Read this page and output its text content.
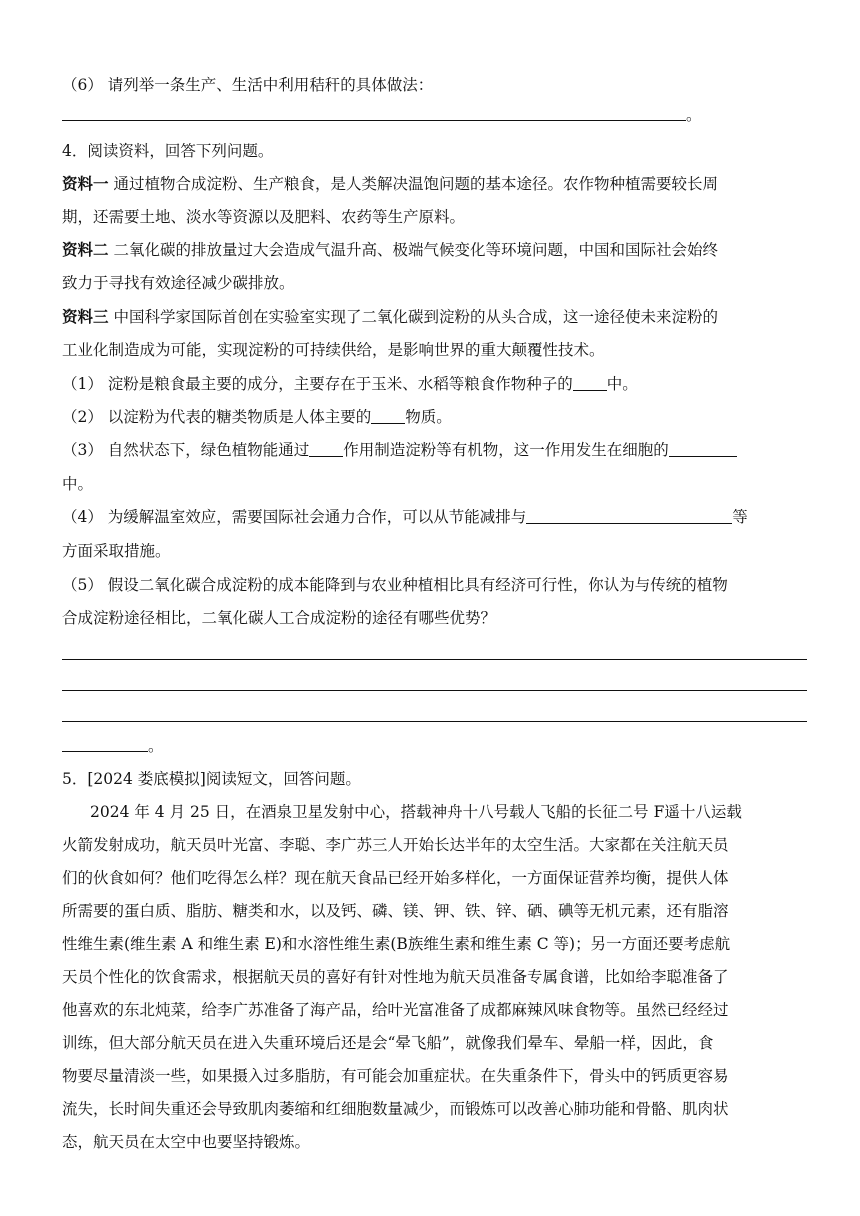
（6） 请列举一条生产、生活中利用秸秆的具体做法：
。
4．阅读资料，回答下列问题。
资料一 通过植物合成淀粉、生产粮食，是人类解决温饱问题的基本途径。农作物种植需要较长周
期，还需要土地、淡水等资源以及肥料、农药等生产原料。
资料二 二氧化碳的排放量过大会造成气温升高、极端气候变化等环境问题，中国和国际社会始终
致力于寻找有效途径减少碳排放。
资料三 中国科学家国际首创在实验室实现了二氧化碳到淀粉的从头合成，这一途径使未来淀粉的
工业化制造成为可能，实现淀粉的可持续供给，是影响世界的重大颠覆性技术。
（1） 淀粉是粮食最主要的成分，主要存在于玉米、水稻等粮食作物种子的 中。
（2） 以淀粉为代表的糖类物质是人体主要的 物质。
（3） 自然状态下，绿色植物能通过 作用制造淀粉等有机物，这一作用发生在细胞的
中。
（4） 为缓解温室效应，需要国际社会通力合作，可以从节能减排与	等
方面采取措施。
（5） 假设二氧化碳合成淀粉的成本能降到与农业种植相比具有经济可行性，你认为与传统的植物
合成淀粉途径相比，二氧化碳人工合成淀粉的途径有哪些优势？
。
5．[2024 娄底模拟]阅读短文，回答问题。
2024 年 4 月 25 日，在酒泉卫星发射中心，搭载神舟十八号载人飞船的长征二号 F遥十八运载
火箭发射成功，航天员叶光富、李聪、李广苏三人开始长达半年的太空生活。大家都在关注航天员
们的伙食如何？他们吃得怎么样？现在航天食品已经开始多样化，一方面保证营养均衡，提供人体
所需要的蛋白质、脂肪、糖类和水，以及钙、磷、镁、钾、铁、锌、硒、碘等无机元素，还有脂溶
性维生素(维生素 A 和维生素 E)和水溶性维生素(B族维生素和维生素 C 等)；另一方面还要考虑航
天员个性化的饮食需求，根据航天员的喜好有针对性地为航天员准备专属食谱，比如给李聪准备了
他喜欢的东北炖菜，给李广苏准备了海产品，给叶光富准备了成都麻辣风味食物等。虽然已经经过
训练，但大部分航天员在进入失重环境后还是会“晕飞船”，就像我们晕车、晕船一样，因此，食
物要尽量清淡一些，如果摄入过多脂肪，有可能会加重症状。在失重条件下，骨头中的钙质更容易
流失，长时间失重还会导致肌肉萎缩和红细胞数量减少，而锻炼可以改善心肺功能和骨骼、肌肉状
态，航天员在太空中也要坚持锻炼。
